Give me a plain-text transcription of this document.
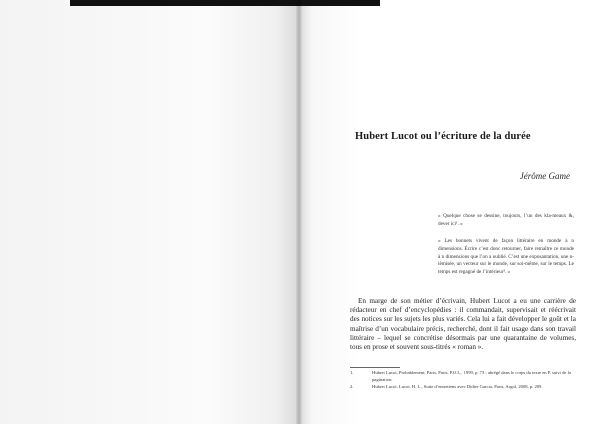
Hubert Lucot ou l’écriture de la durée
Jérôme Game

« Quelque chose se dessine, toujours, l’un des kla-meaux &, dever ici¹. »

« Les bonnets vivent de façon littéraire en monde à n dimensions. Écrire c’est donc retourner, faire remaître ce monde à n dimensions que l’on a oublié. C’est une exposantation, une n-ièmisée, un vecteur sur le monde, sur soi-même, sur le temps. Le temps est regagné de l’intérieur². »

En marge de son métier d’écrivain, Hubert Lucot a eu une carrière de rédacteur en chef d’encyclopédies : il commandait, supervisait et réécrivait des notices sur les sujets les plus variés. Cela lui a fait développer le goût et la maîtrise d’un vocabulaire précis, recherché, dont il fait usage dans son travail littéraire – lequel se concrétise désormais par une quarantaine de volumes, tous en prose et souvent sous-titrés « roman ».

1.	Hubert Lucot, Probablement, Paris, Paris, P.O.L., 1999, p. 73 ; abrégé dans le corps du texte en P, suivi de la pagination.
2.	Hubert Lucot, Lucot, H. L., Suite d’entretiens avec Didier Garcia, Paris, Argol, 2008, p. 209.
